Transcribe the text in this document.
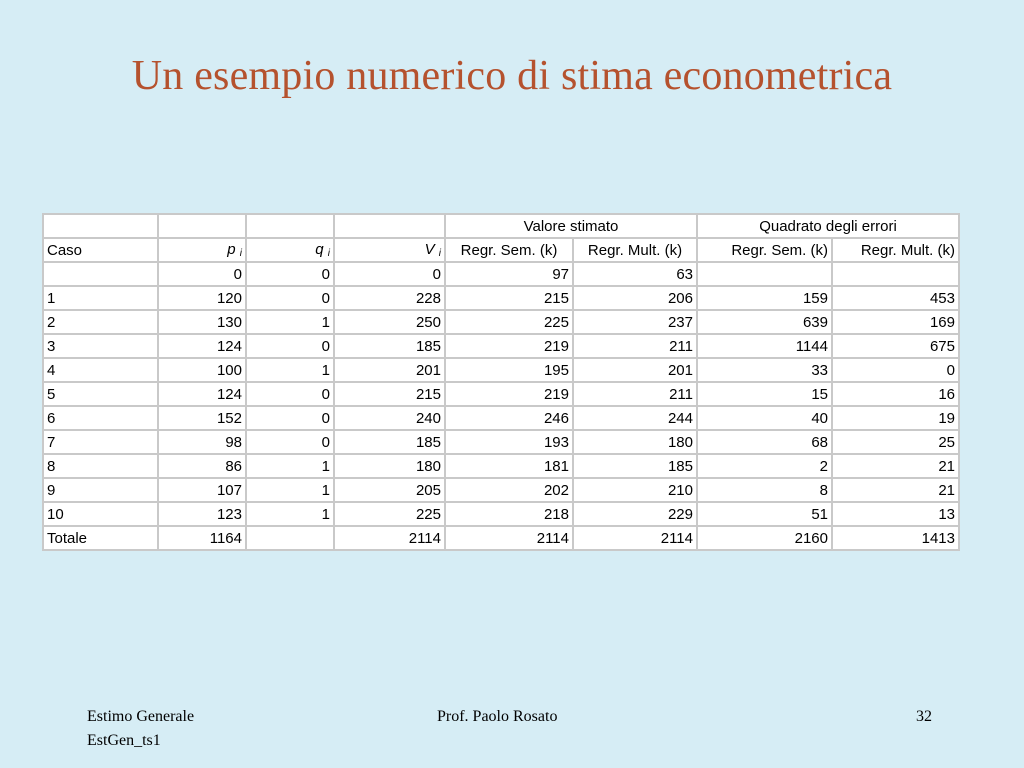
Un esempio numerico di stima econometrica
				Valore stimato		Quadrato degli errori	
Caso	p $_i$	q $_i$	V $_i$	Regr. Sem. (k)	Regr. Mult. (k)	Regr. Sem. (k)	Regr. Mult. (k)
	0	0	0	97	63		
1	120	0	228	215	206	159	453
2	130	1	250	225	237	639	169
3	124	0	185	219	211	1144	675
4	100	1	201	195	201	33	0
5	124	0	215	219	211	15	16
6	152	0	240	246	244	40	19
7	98	0	185	193	180	68	25
8	86	1	180	181	185	2	21
9	107	1	205	202	210	8	21
10	123	1	225	218	229	51	13
Totale	1164		2114	2114	2114	2160	1413
Estimo Generale
EstGen_ts1
Prof. Paolo Rosato	32
